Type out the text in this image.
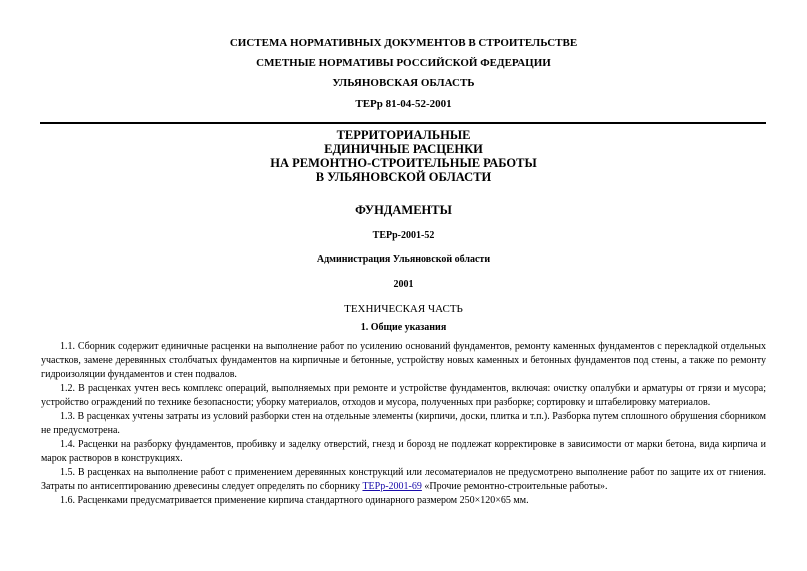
СИСТЕМА НОРМАТИВНЫХ ДОКУМЕНТОВ В СТРОИТЕЛЬСТВЕ
СМЕТНЫЕ НОРМАТИВЫ РОССИЙСКОЙ ФЕДЕРАЦИИ
УЛЬЯНОВСКАЯ ОБЛАСТЬ
ТЕРр 81-04-52-2001
ТЕРРИТОРИАЛЬНЫЕ
ЕДИНИЧНЫЕ РАСЦЕНКИ
НА РЕМОНТНО-СТРОИТЕЛЬНЫЕ РАБОТЫ
В УЛЬЯНОВСКОЙ ОБЛАСТИ
ФУНДАМЕНТЫ
ТЕРр-2001-52
Администрация Ульяновской области
2001
ТЕХНИЧЕСКАЯ ЧАСТЬ
1. Общие указания

1.1. Сборник содержит единичные расценки на выполнение работ по усилению оснований фундаментов, ремонту каменных фундаментов с перекладкой отдельных участков, замене деревянных столбчатых фундаментов на кирпичные и бетонные, устройству новых каменных и бетонных фундаментов под стены, а также по ремонту гидроизоляции фундаментов и стен подвалов.

1.2. В расценках учтен весь комплекс операций, выполняемых при ремонте и устройстве фундаментов, включая: очистку опалубки и арматуры от грязи и мусора; устройство ограждений по технике безопасности; уборку материалов, отходов и мусора, полученных при разборке; сортировку и штабелировку материалов.

1.3. В расценках учтены затраты из условий разборки стен на отдельные элементы (кирпичи, доски, плитка и т.п.). Разборка путем сплошного обрушения сборником не предусмотрена.

1.4. Расценки на разборку фундаментов, пробивку и заделку отверстий, гнезд и борозд не подлежат корректировке в зависимости от марки бетона, вида кирпича и марок растворов в конструкциях.

1.5. В расценках на выполнение работ с применением деревянных конструкций или лесоматериалов не предусмотрено выполнение работ по защите их от гниения. Затраты по антисептированию древесины следует определять по сборнику ТЕРр-2001-69 «Прочие ремонтно-строительные работы».

1.6. Расценками предусматривается применение кирпича стандартного одинарного размером 250×120×65 мм.
